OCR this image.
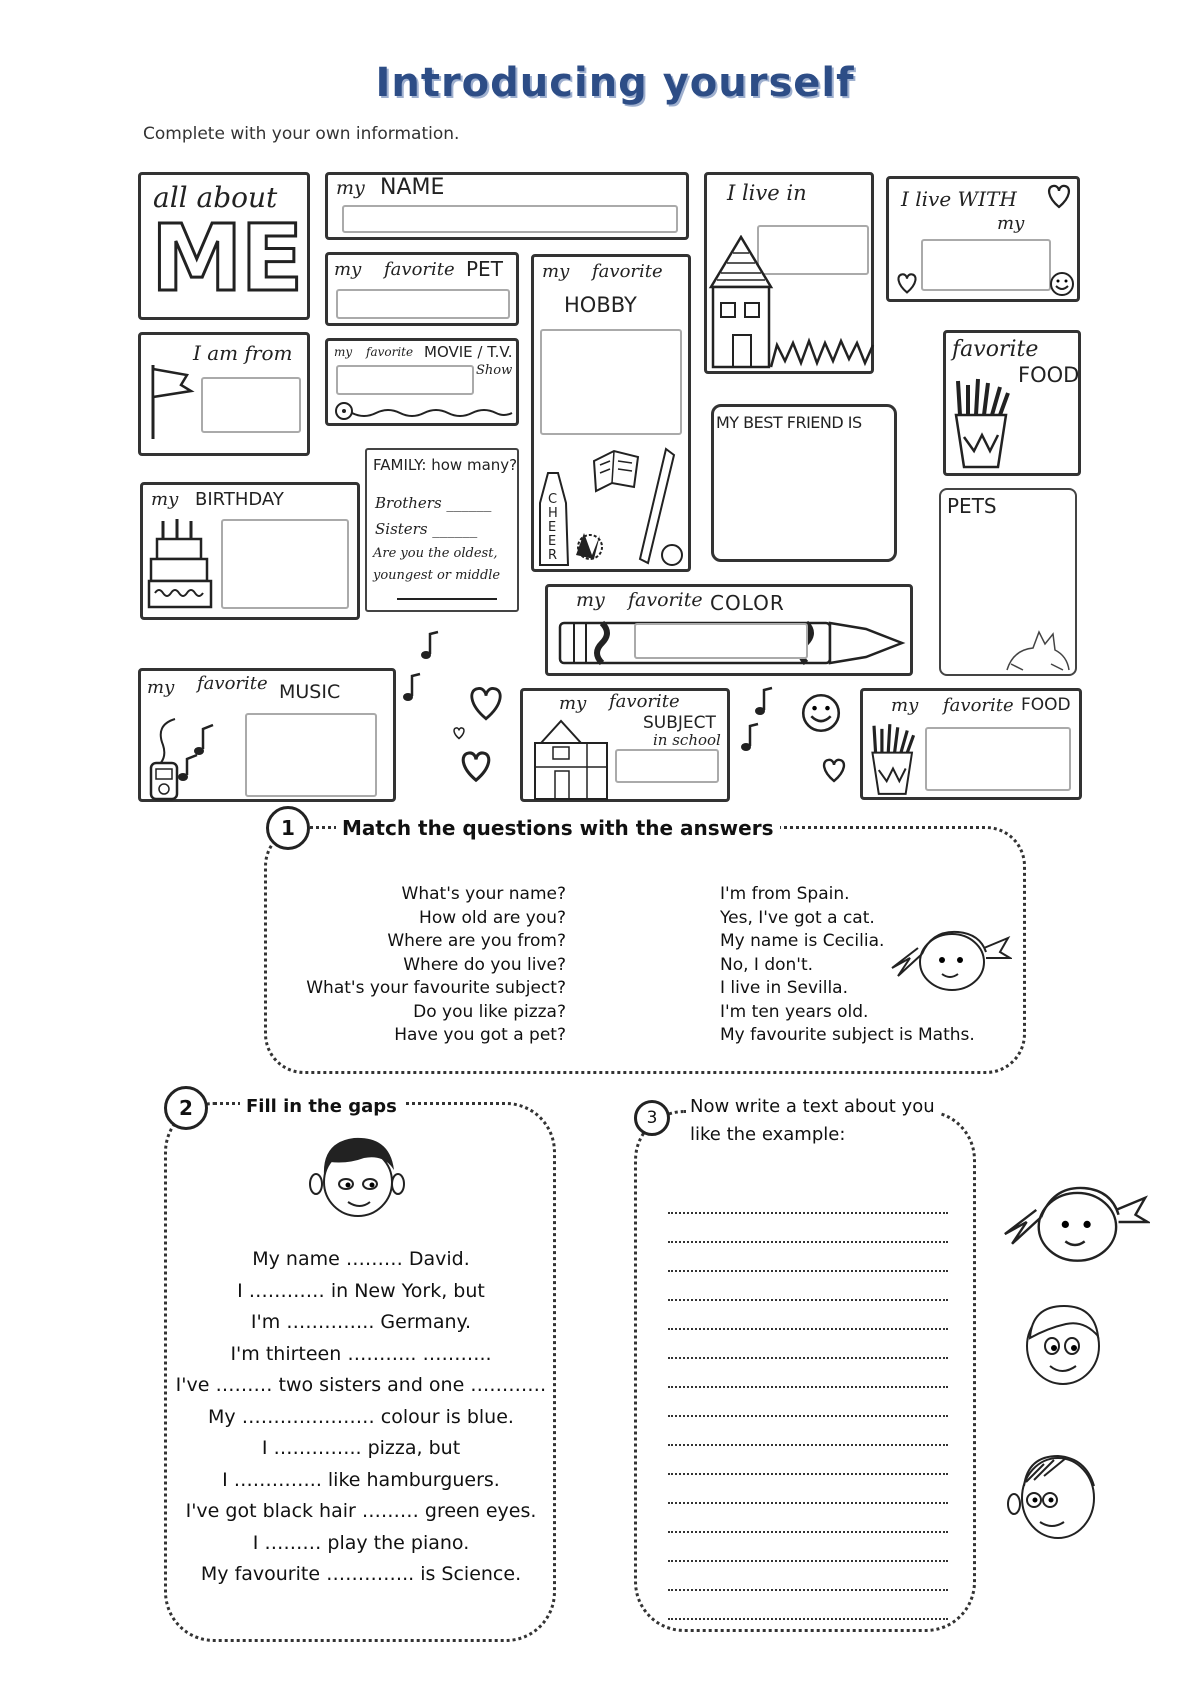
Introducing yourself
Complete with your own information.
all about
ME
my NAME	I live in	I live WITH
my
my favorite PET my favorite
HOBBY
CHEER
I am from	my favorite MOVIE / T.V.
Show
favorite
FOOD
MY BEST FRIEND IS
my BIRTHDAY
FAMILY: how many?
Brothers ______
Sisters ______
Are you the oldest,
youngest or middle
PETS
my favorite COLOR
my favorite MUSIC
my favorite
SUBJECT
in school
my favorite FOOD
1	Match the questions with the answers
What's your name?
How old are you?
Where are you from?
Where do you live?
What's your favourite subject?
Do you like pizza?
Have you got a pet?
I'm from Spain.
Yes, I've got a cat.
My name is Cecilia.
No, I don't.
I live in Sevilla.
I'm ten years old.
My favourite subject is Maths.
2	Fill in the gaps
My name ……… David.
I ………… in New York, but
I'm ………….. Germany.
I'm thirteen ……….. ………..
I've ……… two sisters and one …………
My ………………… colour is blue.
I ………….. pizza, but
I ………….. like hamburguers.
I've got black hair ……… green eyes.
I ……… play the piano.
My favourite ………….. is Science.
3
Now write a text about you
like the example:
